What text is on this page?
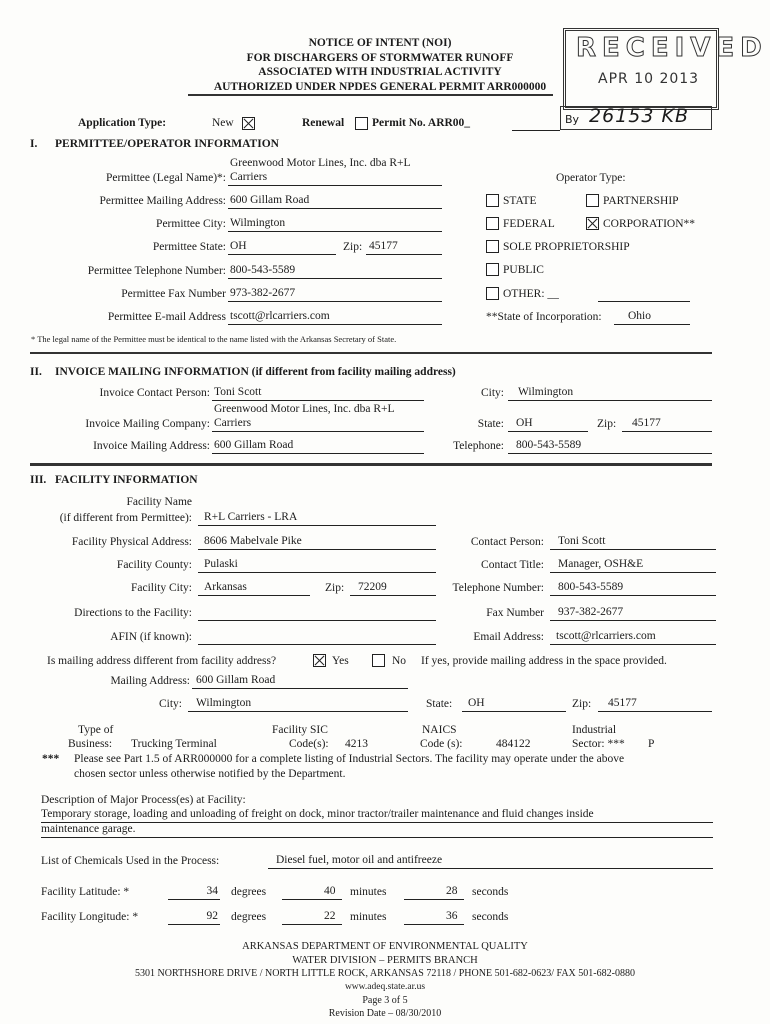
NOTICE OF INTENT (NOI)
FOR DISCHARGERS OF STORMWATER RUNOFF
ASSOCIATED WITH INDUSTRIAL ACTIVITY
AUTHORIZED UNDER NPDES GENERAL PERMIT ARR000000
RECEIVED
APR 10 2013
By 26153 KB
Application Type:	New	Renewal Permit No. ARR00_
I. PERMITTEE/OPERATOR INFORMATION
Permittee (Legal Name)*:
Greenwood Motor Lines, Inc. dba R+L
Carriers
Permittee Mailing Address: 600 Gillam Road
Permittee City: Wilmington
Permittee State: OH	Zip: 45177
Permittee Telephone Number: 800-543-5589
Permittee Fax Number 973-382-2677
Permittee E-mail Address tscott@rlcarriers.com
Operator Type:
STATE	PARTNERSHIP
FEDERAL	CORPORATION**
SOLE PROPRIETORSHIP
PUBLIC
OTHER: __
**State of Incorporation: Ohio
* The legal name of the Permittee must be identical to the name listed with the Arkansas Secretary of State.
II. INVOICE MAILING INFORMATION (if different from facility mailing address)
Invoice Contact Person: Toni Scott
Greenwood Motor Lines, Inc. dba R+L
Invoice Mailing Company: Carriers
Invoice Mailing Address: 600 Gillam Road
City: Wilmington
State: OH	Zip: 45177
Telephone: 800-543-5589
III. FACILITY INFORMATION
Facility Name
(if different from Permittee): R+L Carriers - LRA
Facility Physical Address: 8606 Mabelvale Pike
Facility County: Pulaski
Facility City: Arkansas	Zip: 72209
Directions to the Facility:
AFIN (if known):
Contact Person: Toni Scott
Contact Title: Manager, OSH&E
Telephone Number: 800-543-5589
Fax Number 937-382-2677
Email Address: tscott@rlcarriers.com
Is mailing address different from facility address?	Yes	No If yes, provide mailing address in the space provided.
Mailing Address: 600 Gillam Road
City: Wilmington	State: OH	Zip: 45177
Type of
Business: Trucking Terminal
Facility SIC
Code(s): 4213
NAICS
Code (s):	484122
Industrial
Sector: *** P
*** Please see Part 1.5 of ARR000000 for a complete listing of Industrial Sectors. The facility may operate under the above
chosen sector unless otherwise notified by the Department.
Description of Major Process(es) at Facility:
Temporary storage, loading and unloading of freight on dock, minor tractor/trailer maintenance and fluid changes inside
maintenance garage.
List of Chemicals Used in the Process:	Diesel fuel, motor oil and antifreeze
Facility Latitude: *	34 degrees	40 minutes	28 seconds
Facility Longitude: *	92 degrees	22 minutes	36 seconds
ARKANSAS DEPARTMENT OF ENVIRONMENTAL QUALITY
WATER DIVISION – PERMITS BRANCH
5301 NORTHSHORE DRIVE / NORTH LITTLE ROCK, ARKANSAS 72118 / PHONE 501-682-0623/ FAX 501-682-0880
www.adeq.state.ar.us
Page 3 of 5
Revision Date – 08/30/2010
